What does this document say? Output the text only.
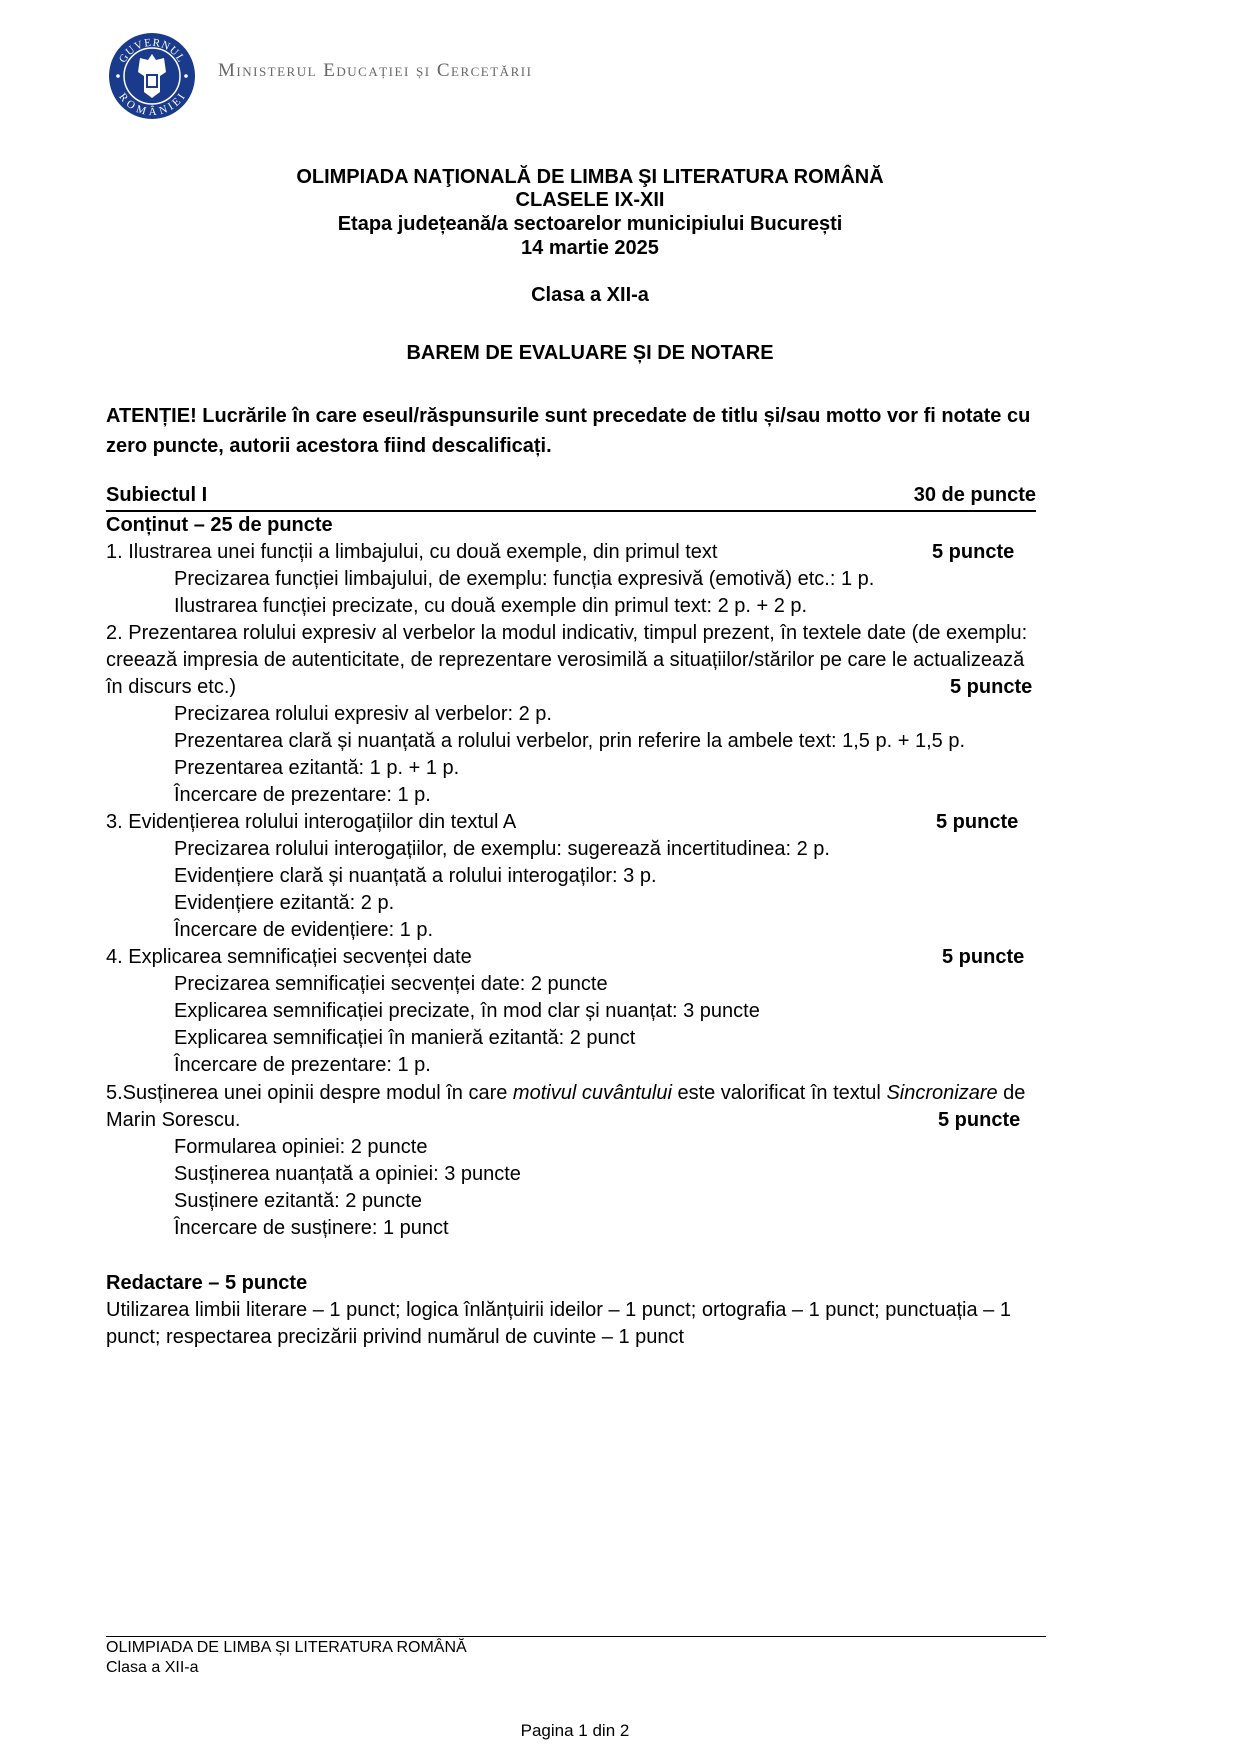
GUVERNUL
ROMÂNIEI
Ministerul Educației și Cercetării
OLIMPIADA NAŢIONALĂ DE LIMBA ŞI LITERATURA ROMÂNĂ
CLASELE IX-XII
Etapa județeană/a sectoarelor municipiului București
14 martie 2025
Clasa a XII-a
BAREM DE EVALUARE ȘI DE NOTARE
ATENȚIE! Lucrările în care eseul/răspunsurile sunt precedate de titlu și/sau motto vor fi notate cu zero puncte, autorii acestora fiind descalificați.
Subiectul I	30 de puncte
Conținut – 25 de puncte
1. Ilustrarea unei funcții a limbajului, cu două exemple, din primul text	5 puncte
Precizarea funcției limbajului, de exemplu: funcția expresivă (emotivă) etc.: 1 p.
Ilustrarea funcției precizate, cu două exemple din primul text: 2 p. + 2 p.
2. Prezentarea rolului expresiv al verbelor la modul indicativ, timpul prezent, în textele date (de exemplu:
creează impresia de autenticitate, de reprezentare verosimilă a situațiilor/stărilor pe care le actualizează
în discurs etc.)	5 puncte
Precizarea rolului expresiv al verbelor: 2 p.
Prezentarea clară și nuanțată a rolului verbelor, prin referire la ambele text: 1,5 p. + 1,5 p.
Prezentarea ezitantă: 1 p. + 1 p.
Încercare de prezentare: 1 p.
3. Evidențierea rolului interogațiilor din textul A	5 puncte
Precizarea rolului interogațiilor, de exemplu: sugerează incertitudinea: 2 p.
Evidențiere clară și nuanțată a rolului interogaților: 3 p.
Evidențiere ezitantă: 2 p.
Încercare de evidențiere: 1 p.
4. Explicarea semnificației secvenței date	5 puncte
Precizarea semnificației secvenței date: 2 puncte
Explicarea semnificației precizate, în mod clar și nuanțat: 3 puncte
Explicarea semnificației în manieră ezitantă: 2 punct
Încercare de prezentare: 1 p.
5.Susținerea unei opinii despre modul în care motivul cuvântului este valorificat în textul Sincronizare de
Marin Sorescu.	5 puncte
Formularea opiniei: 2 puncte
Susținerea nuanțată a opiniei: 3 puncte
Susținere ezitantă: 2 puncte
Încercare de susținere: 1 punct
Redactare – 5 puncte
Utilizarea limbii literare – 1 punct; logica înlănțuirii ideilor – 1 punct; ortografia – 1 punct; punctuația – 1 punct; respectarea precizării privind numărul de cuvinte – 1 punct
OLIMPIADA DE LIMBA ȘI LITERATURA ROMÂNĂ
Clasa a XII-a
Pagina 1 din 2
